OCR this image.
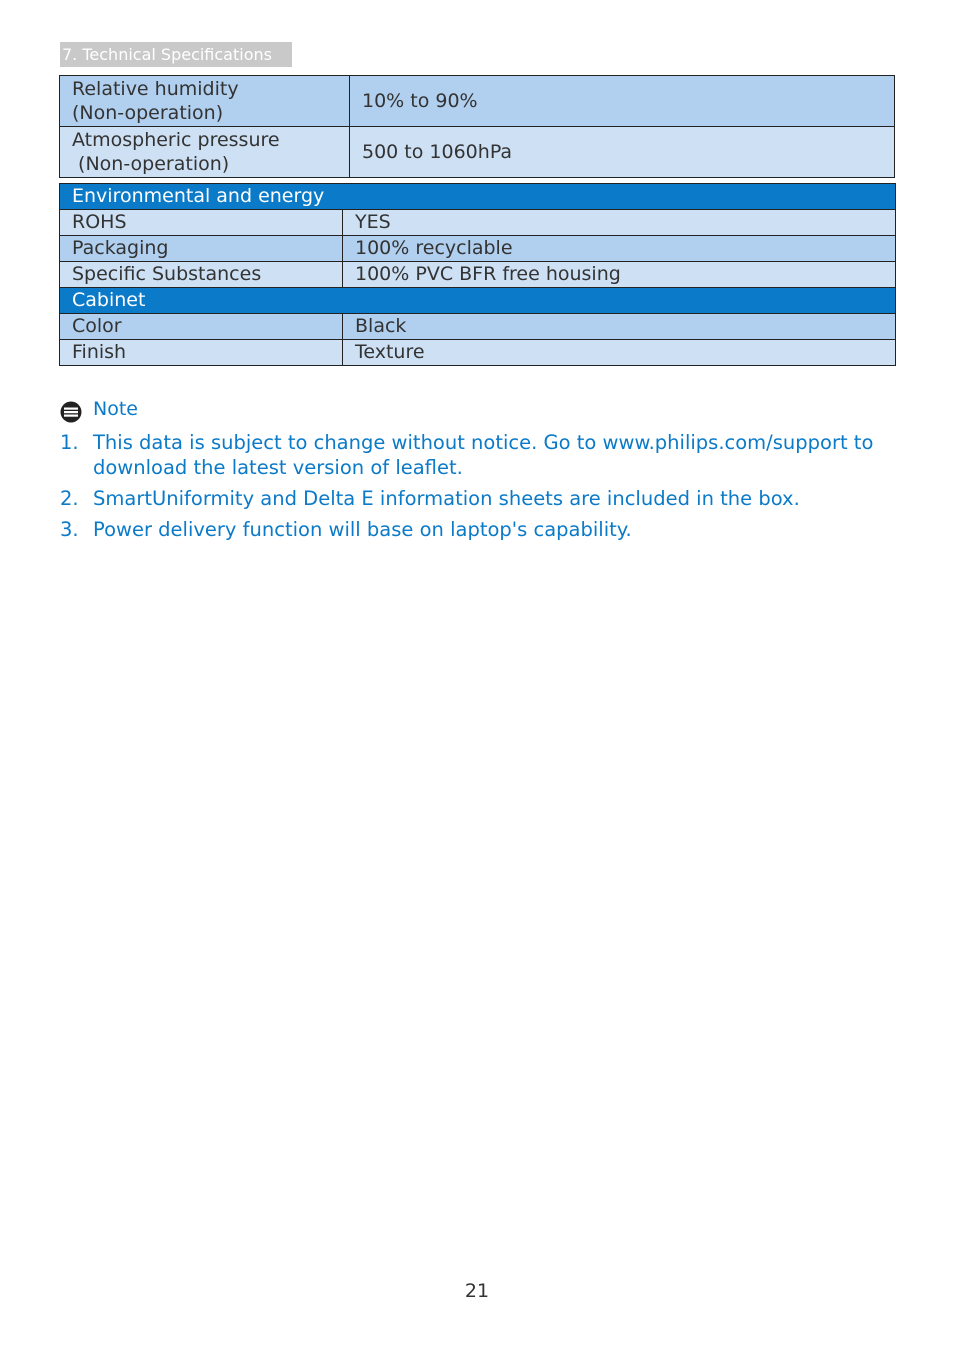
7. Technical Specifications
Relative humidity
(Non-operation)	10% to 90%

Atmospheric pressure
(Non-operation)	500 to 1060hPa
Environmental and energy	
ROHS	YES
Packaging	100% recyclable
Specific Substances	100% PVC BFR free housing
Cabinet	
Color	Black
Finish	Texture
Note
1. This data is subject to change without notice. Go to www.philips.com/support to
download the latest version of leaflet.
2. SmartUniformity and Delta E information sheets are included in the box.
3. Power delivery function will base on laptop's capability.
21
